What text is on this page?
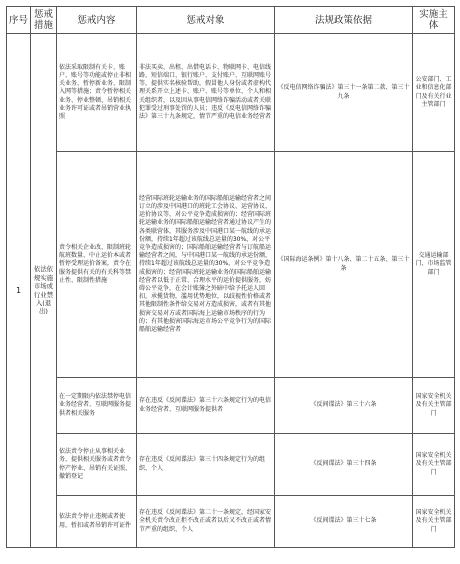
序号	惩戒措施	惩戒内容	惩戒对象	法规政策依据	实施主体
1	依法依规实施市场或行业禁入(退出)	依法采取限制有关卡、账户、账号等功能或停止非相关业务、暂停新业务、限制入网等措施；责令暂停相关业务、停业整顿、吊销相关业务许可证或者吊销营业执照	非法买卖、出租、出借电话卡、物联网卡、电信线路、短信端口、银行账户、支付账户、互联网账号等，提供实名核验帮助，假冒他人身份或者虚构代理关系开立上述卡、账户、账号等单位、个人和相关组织者，以及因从事电信网络诈骗活动或者关联犯罪受过刑事处罚的人员；违反《反电信网络诈骗法》第三十九条规定，情节严重的电信业务经营者	《反电信网络诈骗法》第三十一条第二款、第三十九条	公安部门、工业和信息化部门及有关行业主管部门
		责令相关企业改、限制班轮航班数量、中止运价本或者暂停受理运价备案，责令在服务提供有关的有关科等禁止性、限制性措施	经营国际班轮运输业务的国际船舶运输经营者之间订立的涉及中国港口的班轮工会协议、运营协议、运价协议等，对公平竞争造成损害的；经营国际班轮运输业务的国际船舶运输经营者通过协议产生的各类联营体，其服务涉及中国港口某一航线的承运份额，持续1年超过该航线总运量的30%，对公平竞争造成损害的；国际船舶运输经营者与订航船运输经营者之间，与中国港口某一航线的承运份额，持续1年超过该航线总运量的30%，对公平竞争造成损害的；经营国际班轮运输业务的国际船舶运输经营者以低于正常、合理水平的运价提供服务，妨碍公平竞争，在会计账簿之外暗中给予托运人回扣，承揽货物，滥用优势地位，以歧视性价格或者其他限制性条件给交易对方造成损害，或者有其他损害交易对方或者国际海上运输市场秩序的行为的；有其他损害国际海运市场公平竞争行为的国际船舶运输经营者	《国际海运条例》第十八条、第二十五条、第三十条	交通运输部门、市场监管部门
		在一定期限内依法禁停电信业务经营者、互联网服务提供者相关服务	存在违反《反间谍法》第三十六条规定行为的电信业务经营者、互联网服务提供者	《反间谍法》第三十六条	国家安全机关及有关主管部门
		依法责令停止从事相关业务、提供相关服务或者责令停产停业、吊销有关证照、撤销登记	存在违反《反间谍法》第三十四条规定行为的组织、个人	《反间谍法》第三十四条	国家安全机关及有关主管部门
		依法责令停止违规或者使用，暂扣或者吊销许可证件	存在违反《反间谍法》第二十一条规定，经国家安全机关责令改正拒不改正或者以后又不改正或者情节严重的组织、个人	《反间谍法》第三十七条	国家安全机关及有关主管部门
